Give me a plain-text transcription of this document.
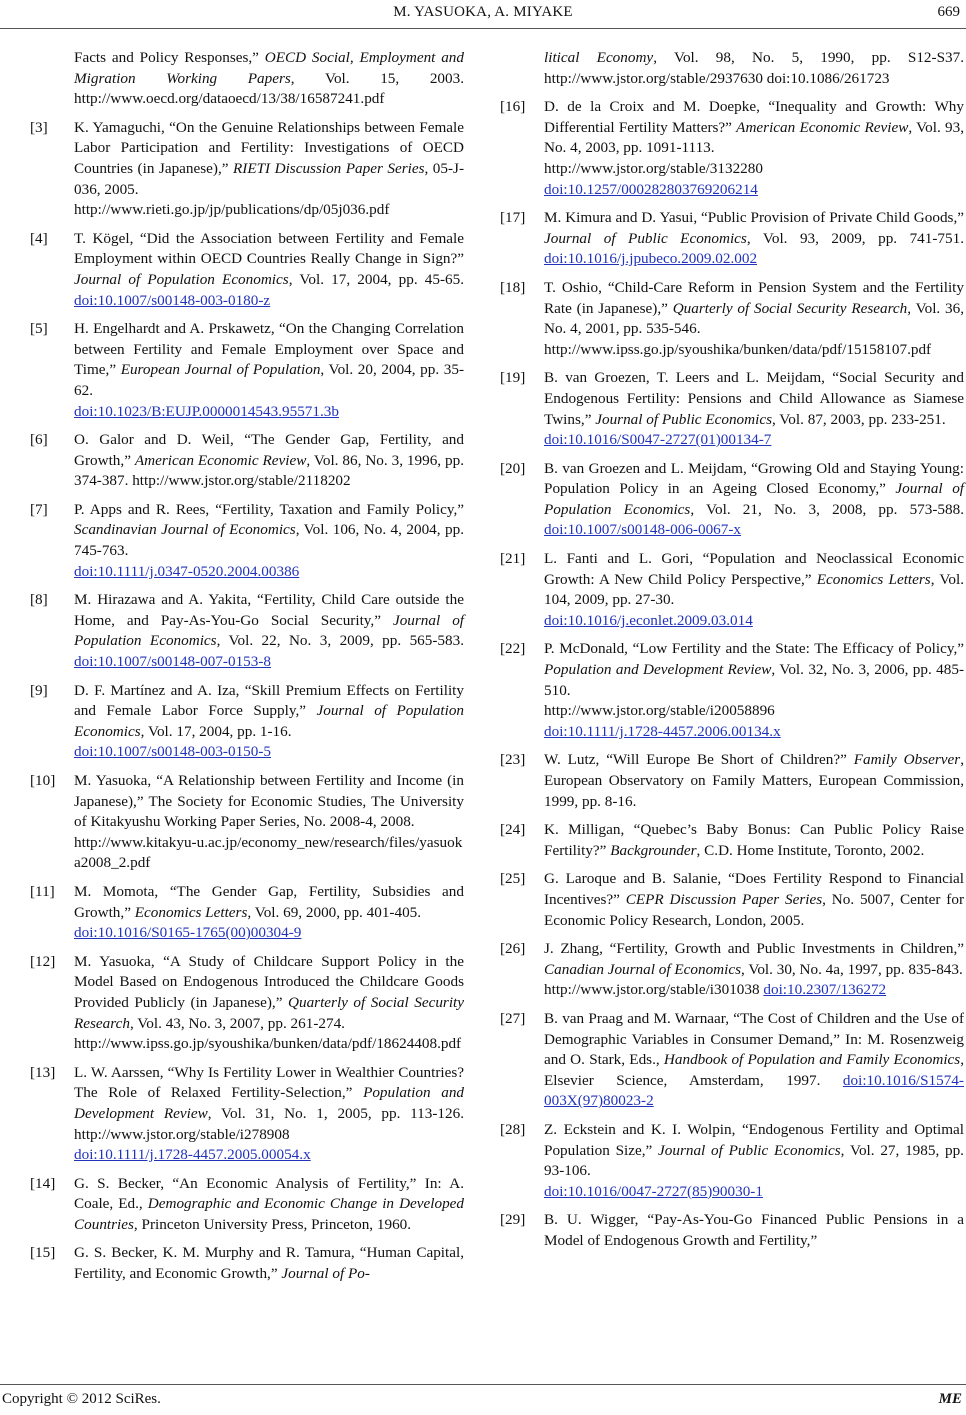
M. YASUOKA, A. MIYAKE	669
Facts and Policy Responses,” OECD Social, Employment and Migration Working Papers, Vol. 15, 2003. http://www.oecd.org/dataoecd/13/38/16587241.pdf
[3] K. Yamaguchi, “On the Genuine Relationships between Female Labor Participation and Fertility: Investigations of OECD Countries (in Japanese),” RIETI Discussion Paper Series, 05-J-036, 2005.
http://www.rieti.go.jp/jp/publications/dp/05j036.pdf
[4] T. Kögel, “Did the Association between Fertility and Female Employment within OECD Countries Really Change in Sign?” Journal of Population Economics, Vol. 17, 2004, pp. 45-65. doi:10.1007/s00148-003-0180-z
[5] H. Engelhardt and A. Prskawetz, “On the Changing Correlation between Fertility and Female Employment over Space and Time,” European Journal of Population, Vol. 20, 2004, pp. 35-62.
doi:10.1023/B:EUJP.0000014543.95571.3b
[6] O. Galor and D. Weil, “The Gender Gap, Fertility, and Growth,” American Economic Review, Vol. 86, No. 3, 1996, pp. 374-387. http://www.jstor.org/stable/2118202
[7] P. Apps and R. Rees, “Fertility, Taxation and Family Policy,” Scandinavian Journal of Economics, Vol. 106, No. 4, 2004, pp. 745-763.
doi:10.1111/j.0347-0520.2004.00386
[8] M. Hirazawa and A. Yakita, “Fertility, Child Care outside the Home, and Pay-As-You-Go Social Security,” Journal of Population Economics, Vol. 22, No. 3, 2009, pp. 565-583. doi:10.1007/s00148-007-0153-8
[9] D. F. Martínez and A. Iza, “Skill Premium Effects on Fertility and Female Labor Force Supply,” Journal of Population Economics, Vol. 17, 2004, pp. 1-16.
doi:10.1007/s00148-003-0150-5
[10] M. Yasuoka, “A Relationship between Fertility and Income (in Japanese),” The Society for Economic Studies, The University of Kitakyushu Working Paper Series, No. 2008-4, 2008.
http://www.kitakyu-u.ac.jp/economy_new/research/files/yasuoka2008_2.pdf
[11] M. Momota, “The Gender Gap, Fertility, Subsidies and Growth,” Economics Letters, Vol. 69, 2000, pp. 401-405.
doi:10.1016/S0165-1765(00)00304-9
[12] M. Yasuoka, “A Study of Childcare Support Policy in the Model Based on Endogenous Introduced the Childcare Goods Provided Publicly (in Japanese),” Quarterly of Social Security Research, Vol. 43, No. 3, 2007, pp. 261-274.
http://www.ipss.go.jp/syoushika/bunken/data/pdf/18624408.pdf
[13] L. W. Aarssen, “Why Is Fertility Lower in Wealthier Countries? The Role of Relaxed Fertility-Selection,” Population and Development Review, Vol. 31, No. 1, 2005, pp. 113-126. http://www.jstor.org/stable/i278908
doi:10.1111/j.1728-4457.2005.00054.x
[14] G. S. Becker, “An Economic Analysis of Fertility,” In: A. Coale, Ed., Demographic and Economic Change in Developed Countries, Princeton University Press, Princeton, 1960.
[15] G. S. Becker, K. M. Murphy and R. Tamura, “Human Capital, Fertility, and Economic Growth,” Journal of Po-
litical Economy, Vol. 98, No. 5, 1990, pp. S12-S37. http://www.jstor.org/stable/2937630 doi:10.1086/261723
[16] D. de la Croix and M. Doepke, “Inequality and Growth: Why Differential Fertility Matters?” American Economic Review, Vol. 93, No. 4, 2003, pp. 1091-1113.
http://www.jstor.org/stable/3132280
doi:10.1257/000282803769206214
[17] M. Kimura and D. Yasui, “Public Provision of Private Child Goods,” Journal of Public Economics, Vol. 93, 2009, pp. 741-751. doi:10.1016/j.jpubeco.2009.02.002
[18] T. Oshio, “Child-Care Reform in Pension System and the Fertility Rate (in Japanese),” Quarterly of Social Security Research, Vol. 36, No. 4, 2001, pp. 535-546.
http://www.ipss.go.jp/syoushika/bunken/data/pdf/15158107.pdf
[19] B. van Groezen, T. Leers and L. Meijdam, “Social Security and Endogenous Fertility: Pensions and Child Allowance as Siamese Twins,” Journal of Public Economics, Vol. 87, 2003, pp. 233-251.
doi:10.1016/S0047-2727(01)00134-7
[20] B. van Groezen and L. Meijdam, “Growing Old and Staying Young: Population Policy in an Ageing Closed Economy,” Journal of Population Economics, Vol. 21, No. 3, 2008, pp. 573-588. doi:10.1007/s00148-006-0067-x
[21] L. Fanti and L. Gori, “Population and Neoclassical Economic Growth: A New Child Policy Perspective,” Economics Letters, Vol. 104, 2009, pp. 27-30.
doi:10.1016/j.econlet.2009.03.014
[22] P. McDonald, “Low Fertility and the State: The Efficacy of Policy,” Population and Development Review, Vol. 32, No. 3, 2006, pp. 485-510.
http://www.jstor.org/stable/i20058896
doi:10.1111/j.1728-4457.2006.00134.x
[23] W. Lutz, “Will Europe Be Short of Children?” Family Observer, European Observatory on Family Matters, European Commission, 1999, pp. 8-16.
[24] K. Milligan, “Quebec’s Baby Bonus: Can Public Policy Raise Fertility?” Backgrounder, C.D. Home Institute, Toronto, 2002.
[25] G. Laroque and B. Salanie, “Does Fertility Respond to Financial Incentives?” CEPR Discussion Paper Series, No. 5007, Center for Economic Policy Research, London, 2005.
[26] J. Zhang, “Fertility, Growth and Public Investments in Children,” Canadian Journal of Economics, Vol. 30, No. 4a, 1997, pp. 835-843.
http://www.jstor.org/stable/i301038 doi:10.2307/136272
[27] B. van Praag and M. Warnaar, “The Cost of Children and the Use of Demographic Variables in Consumer Demand,” In: M. Rosenzweig and O. Stark, Eds., Handbook of Population and Family Economics, Elsevier Science, Amsterdam, 1997. doi:10.1016/S1574-003X(97)80023-2
[28] Z. Eckstein and K. I. Wolpin, “Endogenous Fertility and Optimal Population Size,” Journal of Public Economics, Vol. 27, 1985, pp. 93-106.
doi:10.1016/0047-2727(85)90030-1
[29] B. U. Wigger, “Pay-As-You-Go Financed Public Pensions in a Model of Endogenous Growth and Fertility,”
Copyright © 2012 SciRes.	ME
